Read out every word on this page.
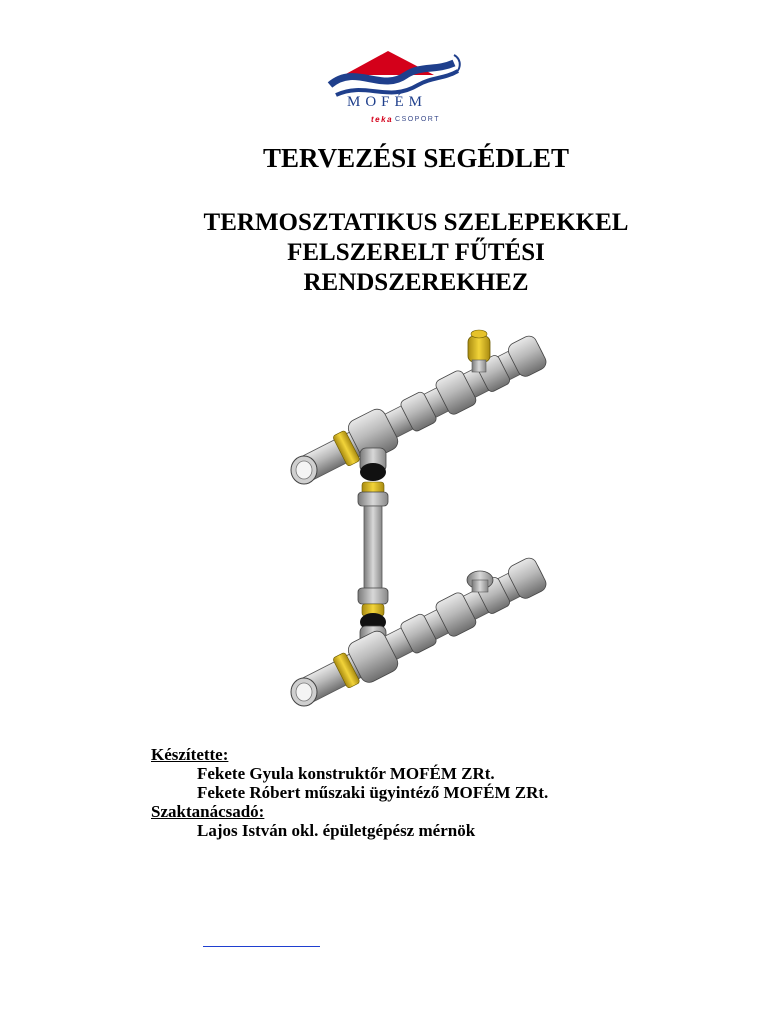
MOFÉM
teka CSOPORT
TERVEZÉSI SEGÉDLET
TERMOSZTATIKUS SZELEPEKKEL
FELSZERELT FŰTÉSI
RENDSZEREKHEZ
Készítette:
Fekete Gyula konstruktőr MOFÉM ZRt.
Fekete Róbert műszaki ügyintéző MOFÉM ZRt.
Szaktanácsadó:
Lajos István okl. épületgépész mérnök
